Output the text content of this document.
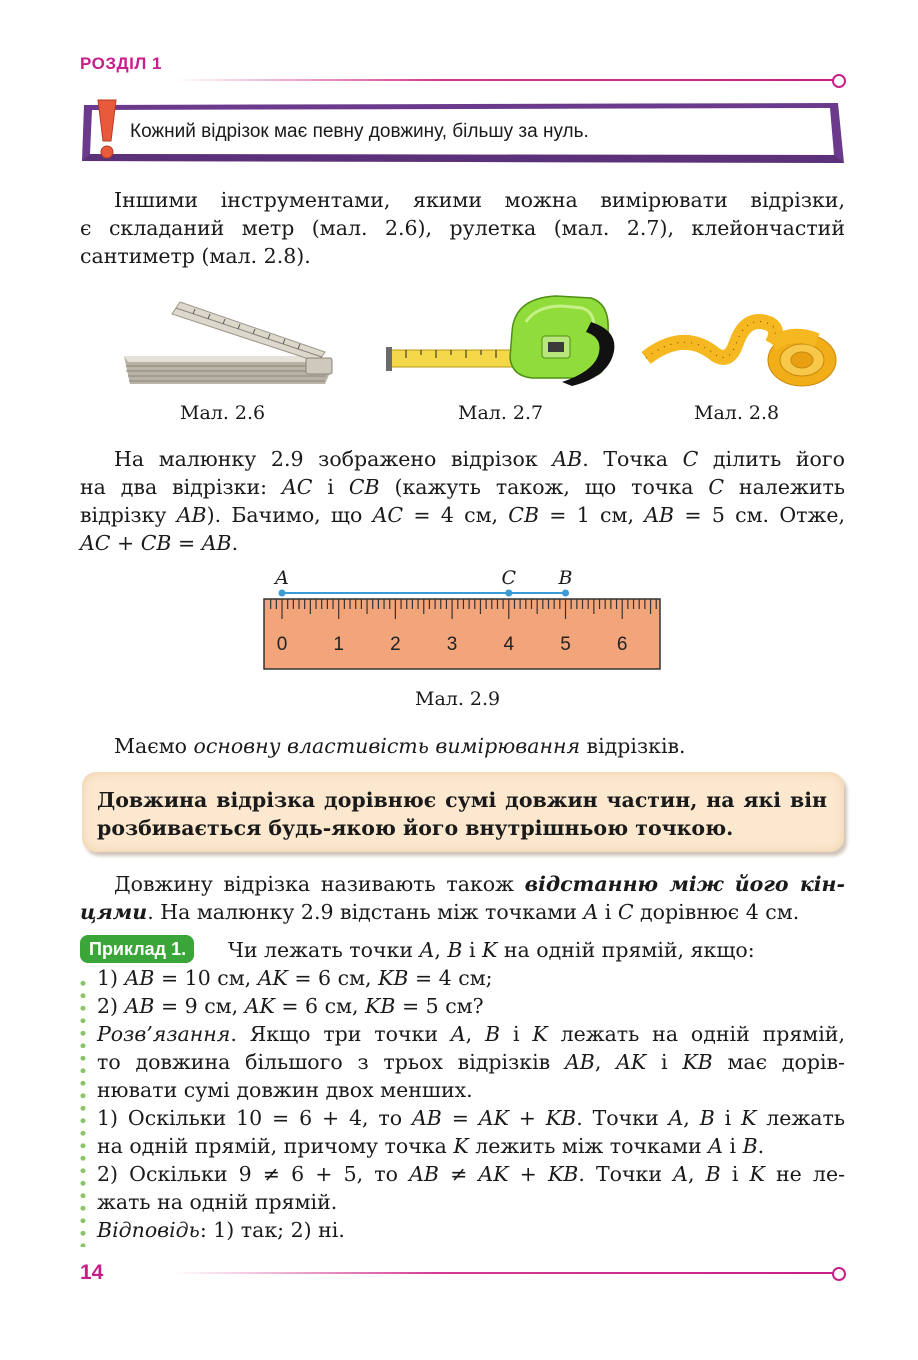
РОЗДІЛ 1
Кожний відрізок має певну довжину, більшу за нуль.
Іншими інструментами, якими можна вимірювати відрізки,
є складаний метр (мал. 2.6), рулетка (мал. 2.7), клейончастий
сантиметр (мал. 2.8).
Мал. 2.6	Мал. 2.7	Мал. 2.8
На малюнку 2.9 зображено відрізок AB. Точка C ділить його
на два відрізки: AC і CB (кажуть також, що точка C належить
відрізку AB). Бачимо, що AC = 4 см, CB = 1 см, AB = 5 см. Отже,
AC + CB = AB.
0 1 2 3 4 5 6
A	C B
Мал. 2.9
Маємо основну властивість вимірювання відрізків.
Довжина відрізка дорівнює сумі довжин частин, на які він
розбивається будь-якою його внутрішньою точкою.
Довжину відрізка називають також відстанню між його кін-
цями. На малюнку 2.9 відстань між точками A і C дорівнює 4 см.
Приклад 1.	Чи лежать точки A, B і K на одній прямій, якщо:
1) AB = 10 см, AK = 6 см, KB = 4 см;
2) AB = 9 см, AK = 6 см, KB = 5 см?
Розв’язання. Якщо три точки A, B і K лежать на одній прямій,
то довжина більшого з трьох відрізків AB, AK і KB має дорів-
нювати сумі довжин двох менших.
1) Оскільки 10 = 6 + 4, то AB = AK + KB. Точки A, B і K лежать
на одній прямій, причому точка K лежить між точками A і B.
2) Оскільки 9 ≠ 6 + 5, то AB ≠ AK + KB. Точки A, B і K не ле-
жать на одній прямій.
Відповідь: 1) так; 2) ні.
14
